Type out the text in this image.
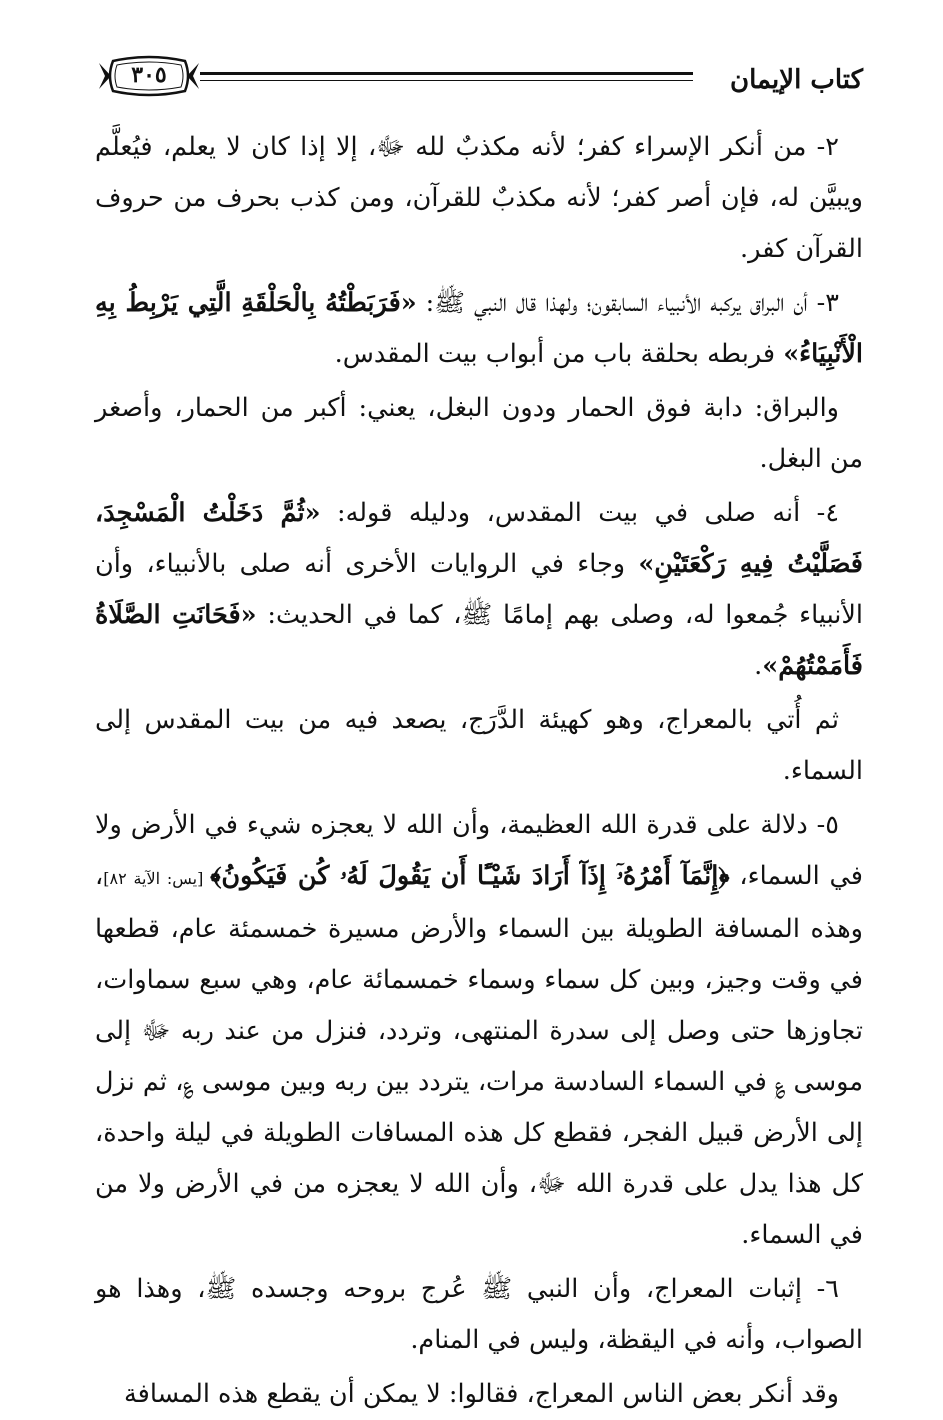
كتاب الإيمان
٣٠٥

٢- من أنكر الإسراء كفر؛ لأنه مكذبٌ لله ﷻ، إلا إذا كان لا يعلم، فيُعلَّم ويبيَّن له، فإن أصر كفر؛ لأنه مكذبٌ للقرآن، ومن كذب بحرف من حروف القرآن كفر.

٣- أن البراق يركبه الأنبياء السابقون؛ ولهذا قال النبي ﷺ: «فَرَبَطْتُهُ بِالْحَلْقَةِ الَّتِي يَرْبِطُ بِهِ الْأَنْبِيَاءُ» فربطه بحلقة باب من أبواب بيت المقدس.

والبراق: دابة فوق الحمار ودون البغل، يعني: أكبر من الحمار، وأصغر من البغل.

٤- أنه صلى في بيت المقدس، ودليله قوله: «ثُمَّ دَخَلْتُ الْمَسْجِدَ، فَصَلَّيْتُ فِيهِ رَكْعَتَيْنِ» وجاء في الروايات الأخرى أنه صلى بالأنبياء، وأن الأنبياء جُمعوا له، وصلى بهم إمامًا ﷺ، كما في الحديث: «فَحَانَتِ الصَّلَاةُ فَأَمَمْتُهُمْ».

ثم أُتي بالمعراج، وهو كهيئة الدَّرَج، يصعد فيه من بيت المقدس إلى السماء.

٥- دلالة على قدرة الله العظيمة، وأن الله لا يعجزه شيء في الأرض ولا في السماء، ﴿إِنَّمَآ أَمْرُهُۥٓ إِذَآ أَرَادَ شَيْـًٔا أَن يَقُولَ لَهُۥ كُن فَيَكُونُ﴾ [يس: الآية ٨٢]، وهذه المسافة الطويلة بين السماء والأرض مسيرة خمسمئة عام، قطعها في وقت وجيز، وبين كل سماء وسماء خمسمائة عام، وهي سبع سماوات، تجاوزها حتى وصل إلى سدرة المنتهى، وتردد، فنزل من عند ربه ﷻ إلى موسى ؏ في السماء السادسة مرات، يتردد بين ربه وبين موسى ؏، ثم نزل إلى الأرض قبيل الفجر، فقطع كل هذه المسافات الطويلة في ليلة واحدة، كل هذا يدل على قدرة الله ﷻ، وأن الله لا يعجزه من في الأرض ولا من في السماء.

٦- إثبات المعراج، وأن النبي ﷺ عُرج بروحه وجسده ﷺ، وهذا هو الصواب، وأنه في اليقظة، وليس في المنام.

وقد أنكر بعض الناس المعراج، فقالوا: لا يمكن أن يقطع هذه المسافة
